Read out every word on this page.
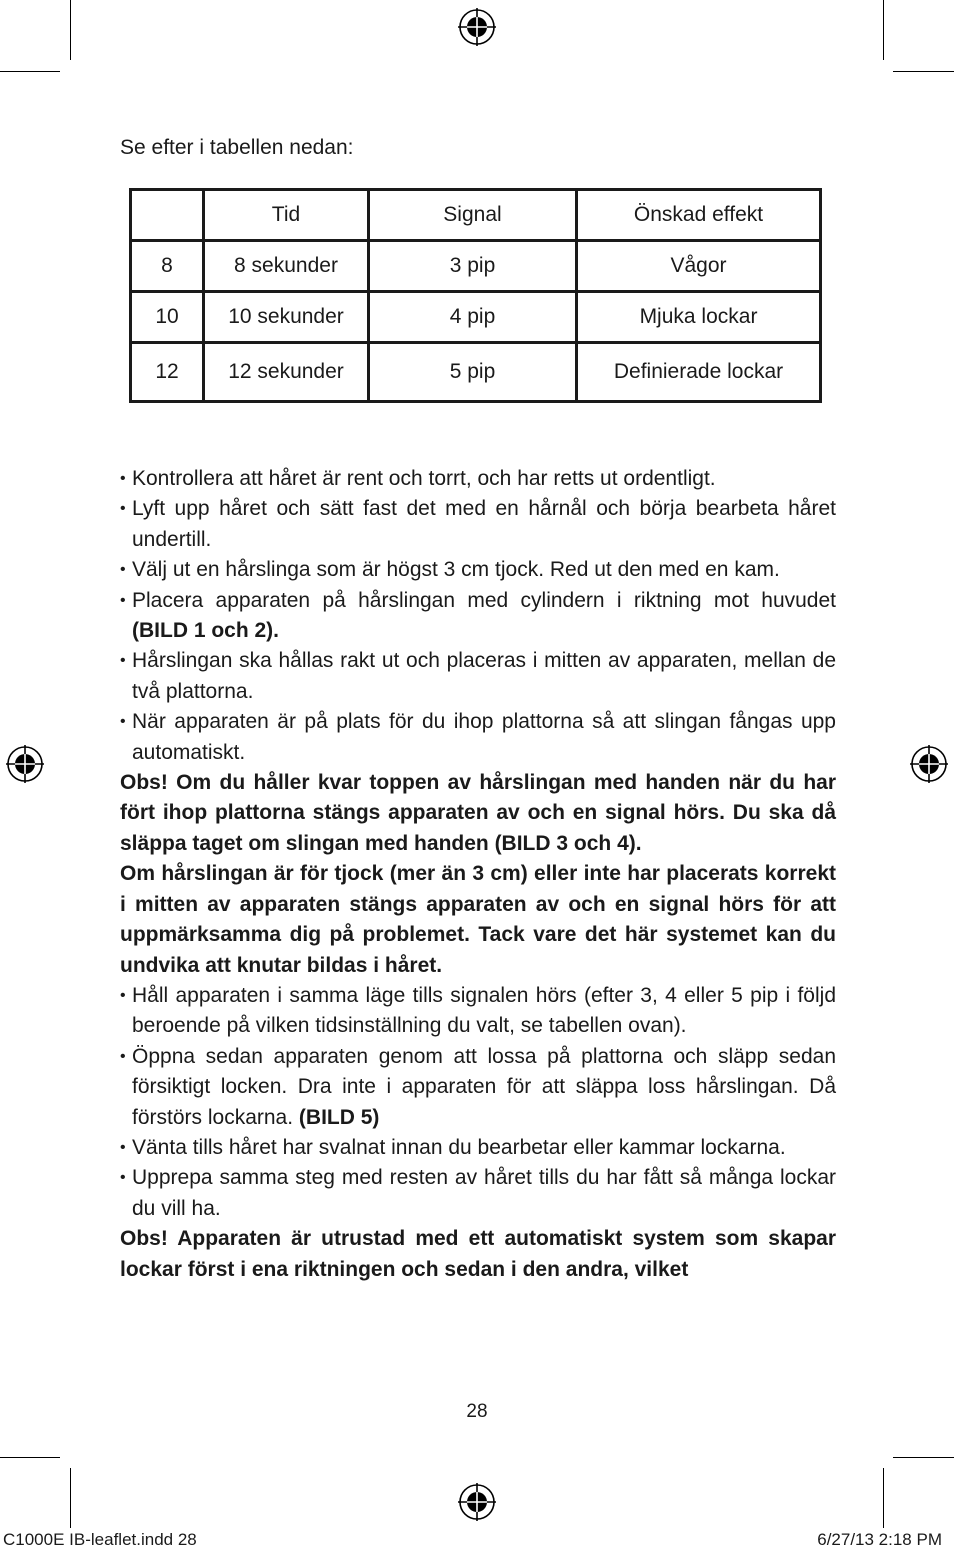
Se efter i tabellen nedan:
	Tid	Signal	Önskad effekt
8	8 sekunder	3 pip	Vågor
10	10 sekunder	4 pip	Mjuka lockar
12	12 sekunder	5 pip	Definierade lockar

• Kontrollera att håret är rent och torrt, och har retts ut ordentligt.

• Lyft upp håret och sätt fast det med en hårnål och börja bearbeta håret undertill.

• Välj ut en hårslinga som är högst 3 cm tjock. Red ut den med en kam.

• Placera apparaten på hårslingan med cylindern i riktning mot huvudet (BILD 1 och 2).

• Hårslingan ska hållas rakt ut och placeras i mitten av apparaten, mellan de två plattorna.

• När apparaten är på plats för du ihop plattorna så att slingan fångas upp automatiskt.

Obs! Om du håller kvar toppen av hårslingan med handen när du har fört ihop plattorna stängs apparaten av och en signal hörs. Du ska då släppa taget om slingan med handen (BILD 3 och 4).

Om hårslingan är för tjock (mer än 3 cm) eller inte har placerats korrekt i mitten av apparaten stängs apparaten av och en signal hörs för att uppmärksamma dig på problemet. Tack vare det här systemet kan du undvika att knutar bildas i håret.

• Håll apparaten i samma läge tills signalen hörs (efter 3, 4 eller 5 pip i följd beroende på vilken tidsinställning du valt, se tabellen ovan).

• Öppna sedan apparaten genom att lossa på plattorna och släpp sedan försiktigt locken. Dra inte i apparaten för att släppa loss hårslingan. Då förstörs lockarna. (BILD 5)

• Vänta tills håret har svalnat innan du bearbetar eller kammar lockarna.

• Upprepa samma steg med resten av håret tills du har fått så många lockar du vill ha.

Obs! Apparaten är utrustad med ett automatiskt system som skapar lockar först i ena riktningen och sedan i den andra, vilket

28
C1000E IB-leaflet.indd 28	6/27/13 2:18 PM
